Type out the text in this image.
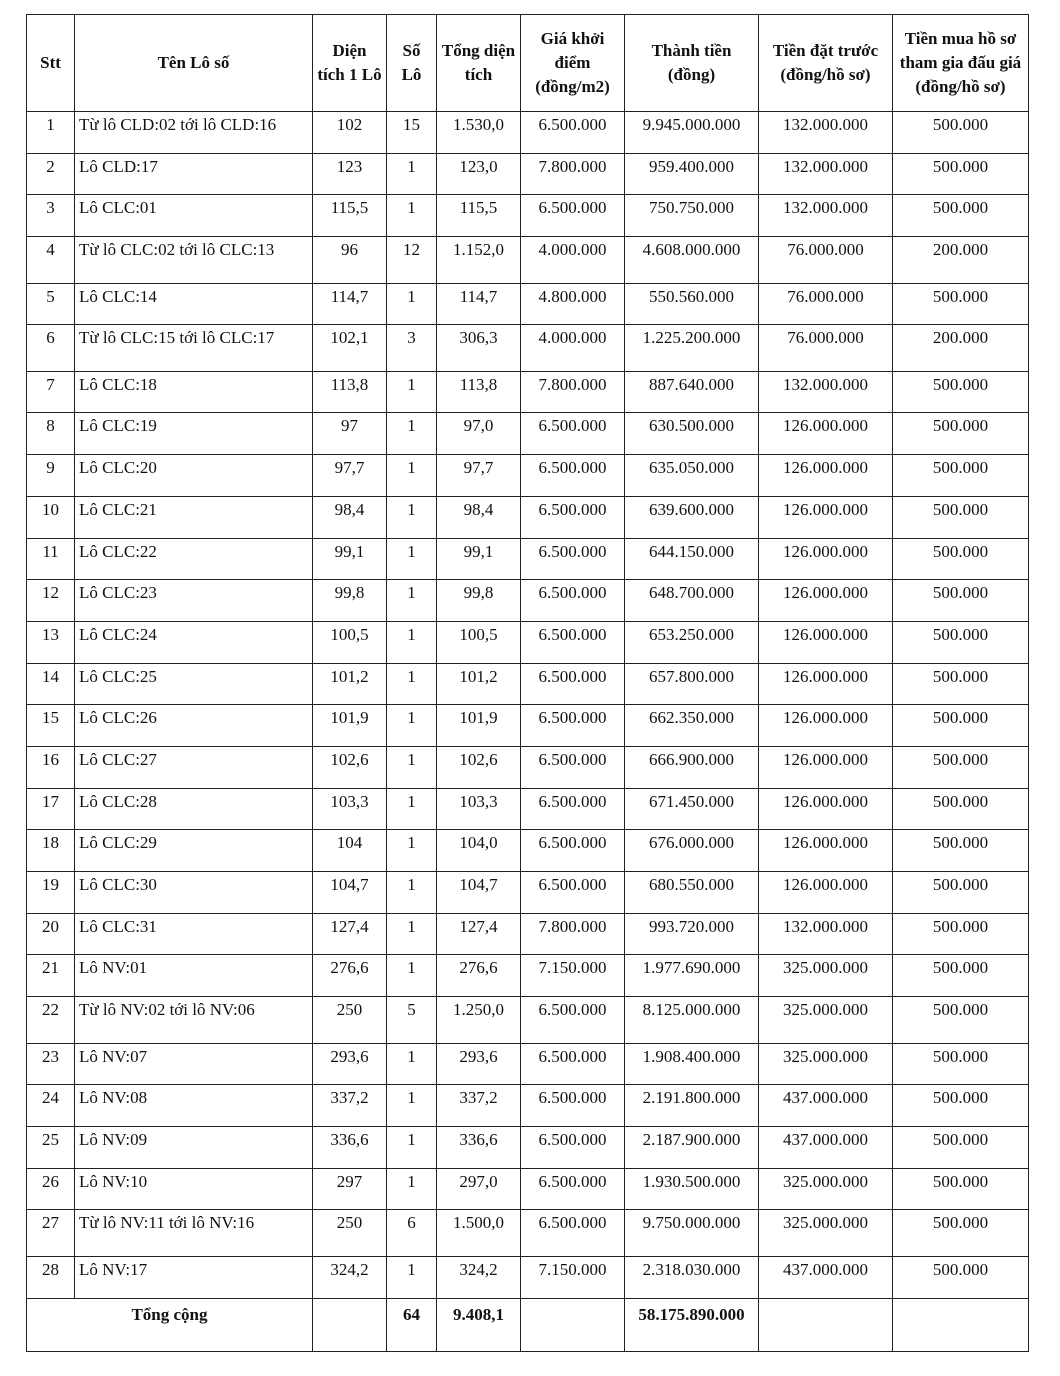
Stt	Tên Lô số	Diện tích 1 Lô	Số Lô	Tổng diện tích	Giá khởi điểm (đồng/m2)	Thành tiền (đồng)	Tiền đặt trước (đồng/hồ sơ)	Tiền mua hồ sơ tham gia đấu giá (đồng/hồ sơ)
1	Từ lô CLD:02 tới lô CLD:16	102	15	1.530,0	6.500.000	9.945.000.000	132.000.000	500.000
2	Lô CLD:17	123	1	123,0	7.800.000	959.400.000	132.000.000	500.000
3	Lô CLC:01	115,5	1	115,5	6.500.000	750.750.000	132.000.000	500.000
4	Từ lô CLC:02 tới lô CLC:13	96	12	1.152,0	4.000.000	4.608.000.000	76.000.000	200.000
5	Lô CLC:14	114,7	1	114,7	4.800.000	550.560.000	76.000.000	500.000
6	Từ lô CLC:15 tới lô CLC:17	102,1	3	306,3	4.000.000	1.225.200.000	76.000.000	200.000
7	Lô CLC:18	113,8	1	113,8	7.800.000	887.640.000	132.000.000	500.000
8	Lô CLC:19	97	1	97,0	6.500.000	630.500.000	126.000.000	500.000
9	Lô CLC:20	97,7	1	97,7	6.500.000	635.050.000	126.000.000	500.000
10	Lô CLC:21	98,4	1	98,4	6.500.000	639.600.000	126.000.000	500.000
11	Lô CLC:22	99,1	1	99,1	6.500.000	644.150.000	126.000.000	500.000
12	Lô CLC:23	99,8	1	99,8	6.500.000	648.700.000	126.000.000	500.000
13	Lô CLC:24	100,5	1	100,5	6.500.000	653.250.000	126.000.000	500.000
14	Lô CLC:25	101,2	1	101,2	6.500.000	657.800.000	126.000.000	500.000
15	Lô CLC:26	101,9	1	101,9	6.500.000	662.350.000	126.000.000	500.000
16	Lô CLC:27	102,6	1	102,6	6.500.000	666.900.000	126.000.000	500.000
17	Lô CLC:28	103,3	1	103,3	6.500.000	671.450.000	126.000.000	500.000
18	Lô CLC:29	104	1	104,0	6.500.000	676.000.000	126.000.000	500.000
19	Lô CLC:30	104,7	1	104,7	6.500.000	680.550.000	126.000.000	500.000
20	Lô CLC:31	127,4	1	127,4	7.800.000	993.720.000	132.000.000	500.000
21	Lô NV:01	276,6	1	276,6	7.150.000	1.977.690.000	325.000.000	500.000
22	Từ lô NV:02 tới lô NV:06	250	5	1.250,0	6.500.000	8.125.000.000	325.000.000	500.000
23	Lô NV:07	293,6	1	293,6	6.500.000	1.908.400.000	325.000.000	500.000
24	Lô NV:08	337,2	1	337,2	6.500.000	2.191.800.000	437.000.000	500.000
25	Lô NV:09	336,6	1	336,6	6.500.000	2.187.900.000	437.000.000	500.000
26	Lô NV:10	297	1	297,0	6.500.000	1.930.500.000	325.000.000	500.000
27	Từ lô NV:11 tới lô NV:16	250	6	1.500,0	6.500.000	9.750.000.000	325.000.000	500.000
28	Lô NV:17	324,2	1	324,2	7.150.000	2.318.030.000	437.000.000	500.000
Tổng cộng			64	9.408,1		58.175.890.000		
